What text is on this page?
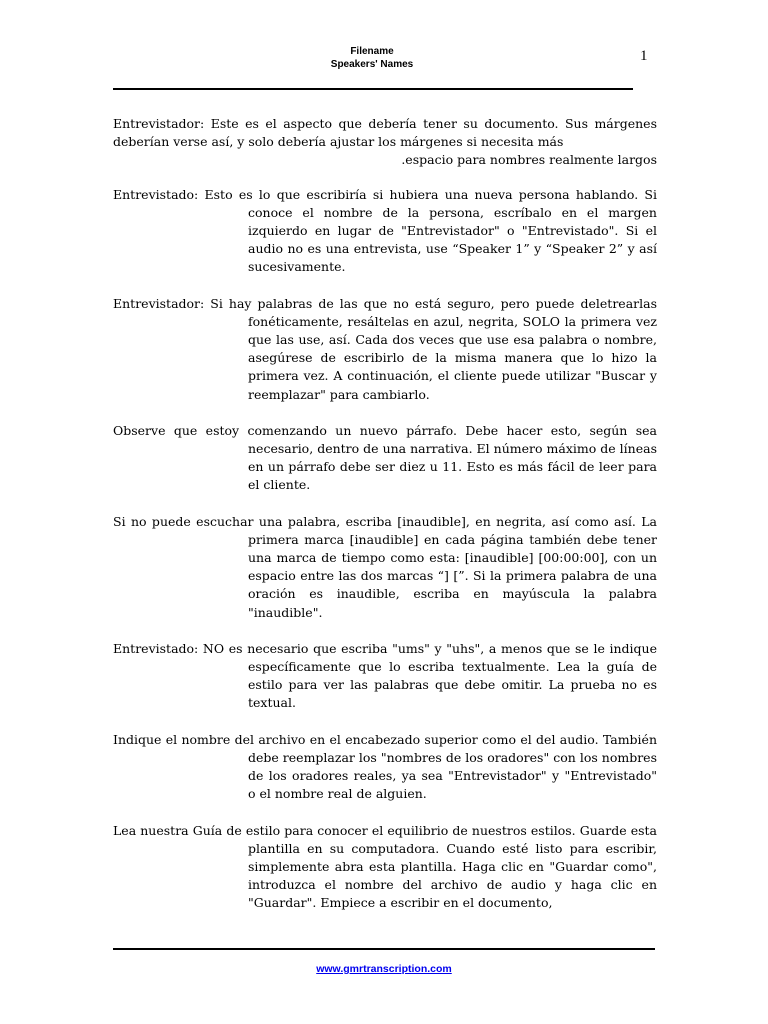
Filename
Speakers' Names
1

Entrevistador: Este es el aspecto que debería tener su documento. Sus márgenes deberían verse así, y solo debería ajustar los márgenes si necesita más
.espacio para nombres realmente largos

Entrevistado: Esto es lo que escribiría si hubiera una nueva persona hablando. Si conoce el nombre de la persona, escríbalo en el margen izquierdo en lugar de "Entrevistador" o "Entrevistado". Si el audio no es una entrevista, use “Speaker 1” y “Speaker 2” y así sucesivamente.

Entrevistador: Si hay palabras de las que no está seguro, pero puede deletrearlas fonéticamente, resáltelas en azul, negrita, SOLO la primera vez que las use, así. Cada dos veces que use esa palabra o nombre, asegúrese de escribirlo de la misma manera que lo hizo la primera vez. A continuación, el cliente puede utilizar "Buscar y reemplazar" para cambiarlo.

Observe que estoy comenzando un nuevo párrafo. Debe hacer esto, según sea necesario, dentro de una narrativa. El número máximo de líneas en un párrafo debe ser diez u 11. Esto es más fácil de leer para el cliente.

Si no puede escuchar una palabra, escriba [inaudible], en negrita, así como así. La primera marca [inaudible] en cada página también debe tener una marca de tiempo como esta: [inaudible] [00:00:00], con un espacio entre las dos marcas “] [”. Si la primera palabra de una oración es inaudible, escriba en mayúscula la palabra "inaudible".

Entrevistado: NO es necesario que escriba "ums" y "uhs", a menos que se le indique específicamente que lo escriba textualmente. Lea la guía de estilo para ver las palabras que debe omitir. La prueba no es textual.

Indique el nombre del archivo en el encabezado superior como el del audio. También debe reemplazar los "nombres de los oradores" con los nombres de los oradores reales, ya sea "Entrevistador" y "Entrevistado" o el nombre real de alguien.

Lea nuestra Guía de estilo para conocer el equilibrio de nuestros estilos. Guarde esta plantilla en su computadora. Cuando esté listo para escribir, simplemente abra esta plantilla. Haga clic en "Guardar como", introduzca el nombre del archivo de audio y haga clic en "Guardar". Empiece a escribir en el documento,

www.gmrtranscription.com
